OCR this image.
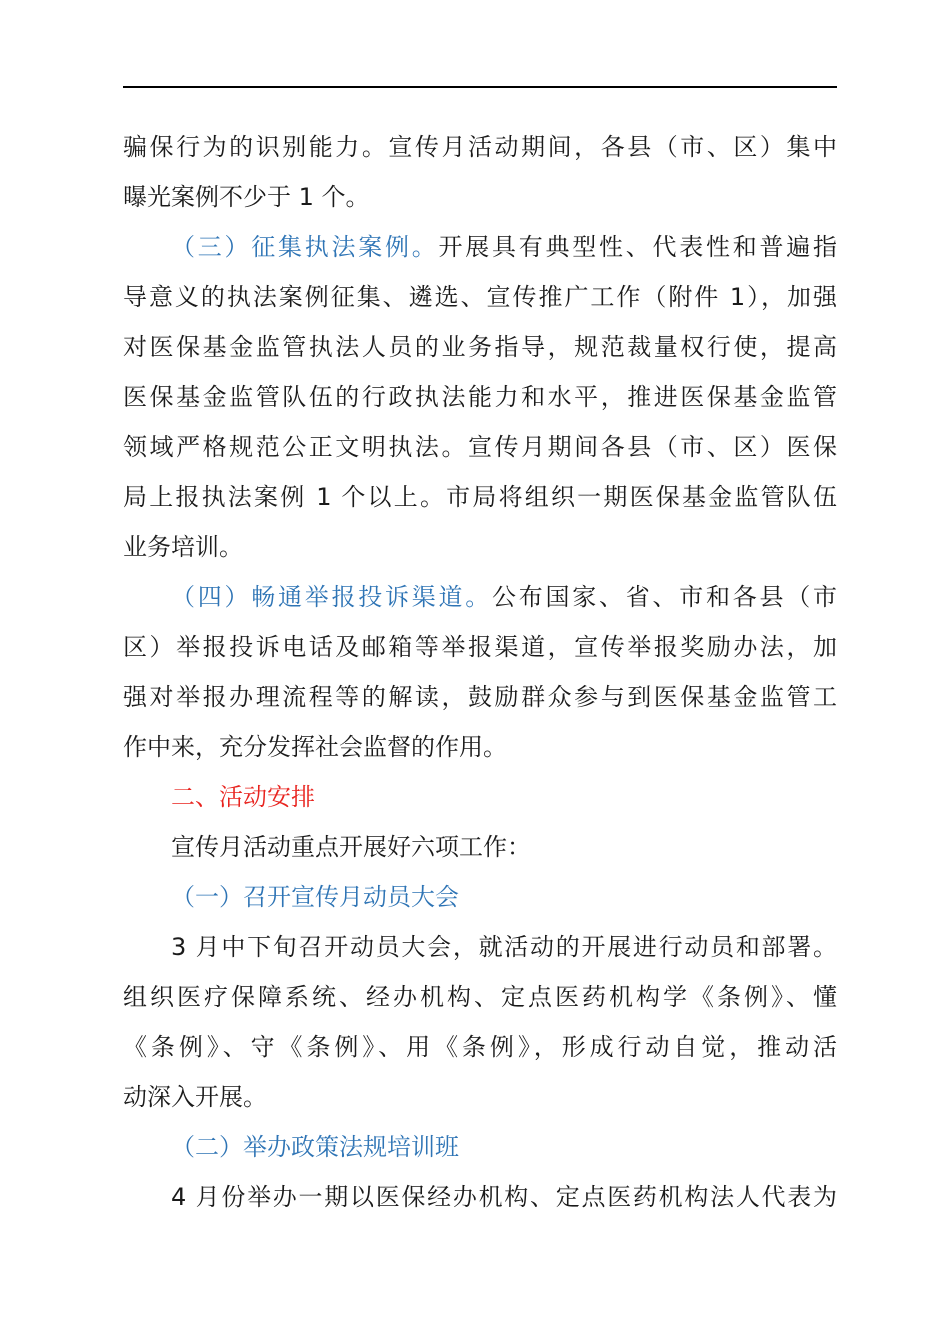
骗保行为的识别能力。宣传月活动期间，各县（市、区）集中
曝光案例不少于 1 个。
（三）征集执法案例。开展具有典型性、代表性和普遍指
导意义的执法案例征集、遴选、宣传推广工作（附件 1），加强
对医保基金监管执法人员的业务指导，规范裁量权行使，提高
医保基金监管队伍的行政执法能力和水平，推进医保基金监管
领域严格规范公正文明执法。宣传月期间各县（市、区）医保
局上报执法案例 1 个以上。市局将组织一期医保基金监管队伍
业务培训。
（四）畅通举报投诉渠道。公布国家、省、市和各县（市
区）举报投诉电话及邮箱等举报渠道，宣传举报奖励办法，加
强对举报办理流程等的解读，鼓励群众参与到医保基金监管工
作中来，充分发挥社会监督的作用。
二、活动安排
宣传月活动重点开展好六项工作：
（一）召开宣传月动员大会
3 月中下旬召开动员大会，就活动的开展进行动员和部署。
组织医疗保障系统、经办机构、定点医药机构学《条例》、懂
《条例》、守《条例》、用《条例》，形成行动自觉，推动活
动深入开展。
（二）举办政策法规培训班
4 月份举办一期以医保经办机构、定点医药机构法人代表为
